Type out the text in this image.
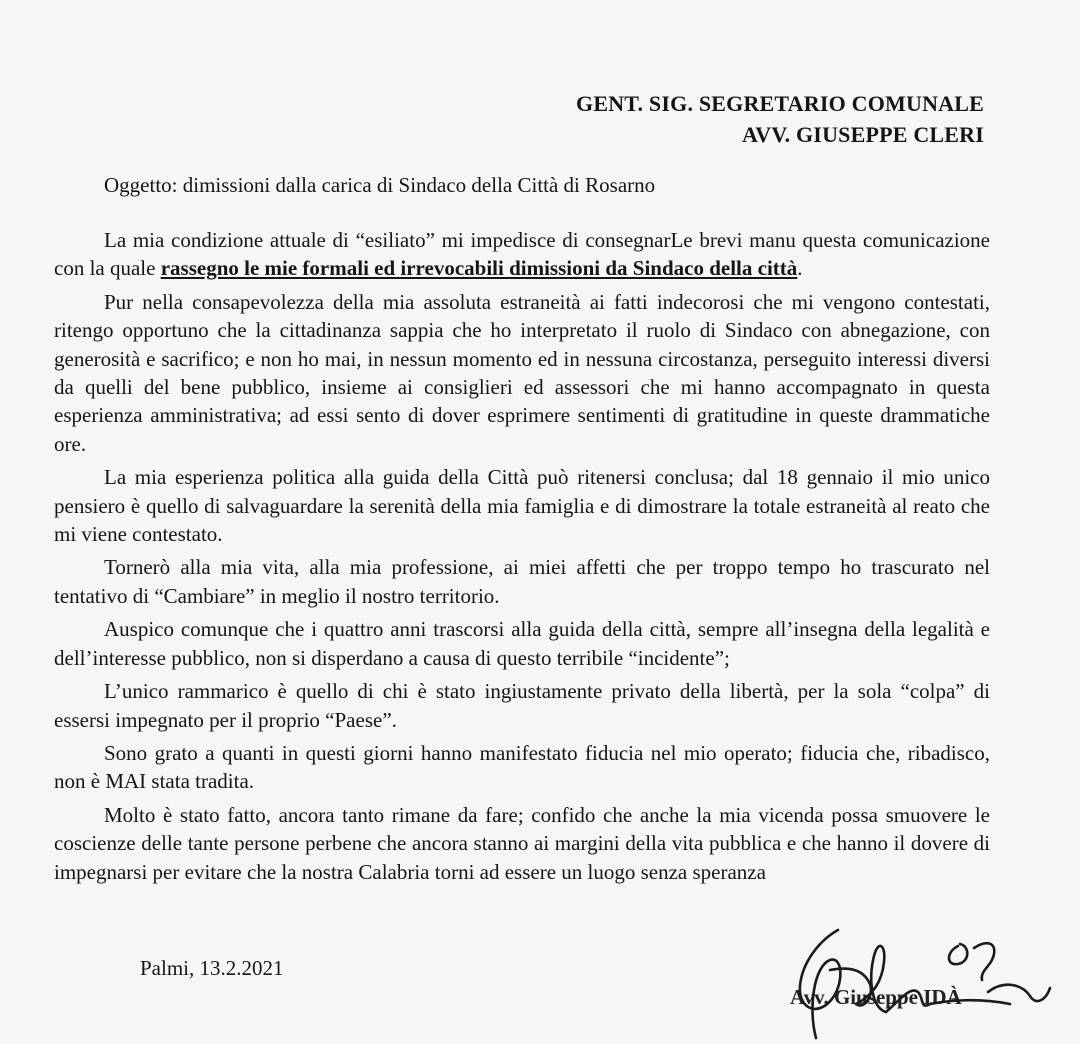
GENT. SIG. SEGRETARIO COMUNALE
AVV. GIUSEPPE CLERI
Oggetto: dimissioni dalla carica di Sindaco della Città di Rosarno

La mia condizione attuale di “esiliato” mi impedisce di consegnarLe brevi manu questa comunicazione con la quale rassegno le mie formali ed irrevocabili dimissioni da Sindaco della città.

Pur nella consapevolezza della mia assoluta estraneità ai fatti indecorosi che mi vengono contestati, ritengo opportuno che la cittadinanza sappia che ho interpretato il ruolo di Sindaco con abnegazione, con generosità e sacrifico; e non ho mai, in nessun momento ed in nessuna circostanza, perseguito interessi diversi da quelli del bene pubblico, insieme ai consiglieri ed assessori che mi hanno accompagnato in questa esperienza amministrativa; ad essi sento di dover esprimere sentimenti di gratitudine in queste drammatiche ore.

La mia esperienza politica alla guida della Città può ritenersi conclusa; dal 18 gennaio il mio unico pensiero è quello di salvaguardare la serenità della mia famiglia e di dimostrare la totale estraneità al reato che mi viene contestato.

Tornerò alla mia vita, alla mia professione, ai miei affetti che per troppo tempo ho trascurato nel tentativo di “Cambiare” in meglio il nostro territorio.

Auspico comunque che i quattro anni trascorsi alla guida della città, sempre all’insegna della legalità e dell’interesse pubblico, non si disperdano a causa di questo terribile “incidente”;

L’unico rammarico è quello di chi è stato ingiustamente privato della libertà, per la sola “colpa” di essersi impegnato per il proprio “Paese”.

Sono grato a quanti in questi giorni hanno manifestato fiducia nel mio operato; fiducia che, ribadisco, non è MAI stata tradita.

Molto è stato fatto, ancora tanto rimane da fare; confido che anche la mia vicenda possa smuovere le coscienze delle tante persone perbene che ancora stanno ai margini della vita pubblica e che hanno il dovere di impegnarsi per evitare che la nostra Calabria torni ad essere un luogo senza speranza

Palmi, 13.2.2021
Avv. Giuseppe IDÀ
